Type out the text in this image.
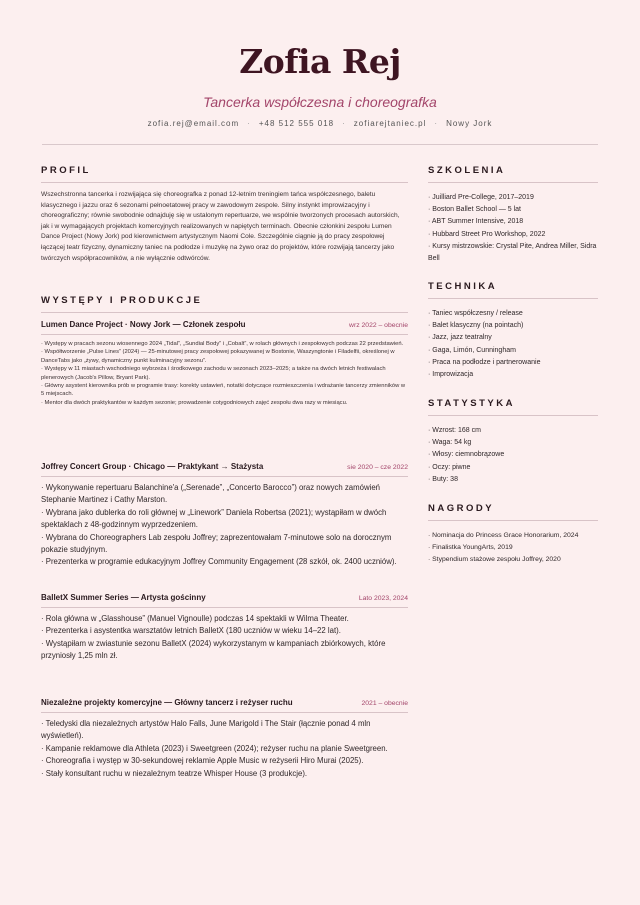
Zofia Rej
Tancerka współczesna i choreografka
zofia.rej@email.com · +48 512 555 018 · zofiarejtaniec.pl · Nowy Jork
PROFIL

Wszechstronna tancerka i rozwijająca się choreografka z ponad 12-letnim treningiem tańca współczesnego, baletu klasycznego i jazzu oraz 6 sezonami pełnoetatowej pracy w zawodowym zespole. Silny instynkt improwizacyjny i choreograficzny; równie swobodnie odnajduję się w ustalonym repertuarze, we wspólnie tworzonych procesach autorskich, jak i w wymagających projektach komercyjnych realizowanych w napiętych terminach. Obecnie członkini zespołu Lumen Dance Project (Nowy Jork) pod kierownictwem artystycznym Naomi Cole. Szczególnie ciągnie ją do pracy zespołowej łączącej teatr fizyczny, dynamiczny taniec na podłodze i muzykę na żywo oraz do projektów, które rozwijają tancerzy jako twórczych współpracowników, a nie wyłącznie odtwórców.

WYSTĘPY I PRODUKCJE
Lumen Dance Project · Nowy Jork — Członek zespołu	wrz 2022 – obecnie
· Występy w pracach sezonu wiosennego 2024 „Tidal”, „Sundial Body” i „Cobalt”, w rolach głównych i zespołowych podczas 22 przedstawień.
· Współtworzenie „Pulse Lines” (2024) — 25-minutowej pracy zespołowej pokazywanej w Bostonie, Waszyngtonie i Filadelfii, określonej w DanceTabs jako „żywy, dynamiczny punkt kulminacyjny sezonu”.
· Występy w 11 miastach wschodniego wybrzeża i środkowego zachodu w sezonach 2023–2025; a także na dwóch letnich festiwalach plenerowych (Jacob's Pillow, Bryant Park).
· Główny asystent kierownika prób w programie trasy: korekty ustawień, notatki dotyczące rozmieszczenia i wdrażanie tancerzy zmienników w 5 miejscach.
· Mentor dla dwóch praktykantów w każdym sezonie; prowadzenie cotygodniowych zajęć zespołu dwa razy w miesiącu.
Joffrey Concert Group · Chicago — Praktykant → Stażysta	sie 2020 – cze 2022
· Wykonywanie repertuaru Balanchine'a („Serenade”, „Concerto Barocco”) oraz nowych zamówień Stephanie Martinez i Cathy Marston.
· Wybrana jako dublerka do roli głównej w „Linework” Daniela Robertsa (2021); wystąpiłam w dwóch spektaklach z 48-godzinnym wyprzedzeniem.
· Wybrana do Choreographers Lab zespołu Joffrey; zaprezentowałam 7-minutowe solo na dorocznym pokazie studyjnym.
· Prezenterka w programie edukacyjnym Joffrey Community Engagement (28 szkół, ok. 2400 uczniów).
BalletX Summer Series — Artysta gościnny	Lato 2023, 2024
· Rola główna w „Glasshouse” (Manuel Vignoulle) podczas 14 spektakli w Wilma Theater.
· Prezenterka i asystentka warsztatów letnich BalletX (180 uczniów w wieku 14–22 lat).
· Wystąpiłam w zwiastunie sezonu BalletX (2024) wykorzystanym w kampaniach zbiórkowych, które przyniosły 1,25 mln zł.
Niezależne projekty komercyjne — Główny tancerz i reżyser ruchu	2021 – obecnie
· Teledyski dla niezależnych artystów Halo Falls, June Marigold i The Stair (łącznie ponad 4 mln wyświetleń).
· Kampanie reklamowe dla Athleta (2023) i Sweetgreen (2024); reżyser ruchu na planie Sweetgreen.
· Choreografia i występ w 30-sekundowej reklamie Apple Music w reżyserii Hiro Murai (2025).
· Stały konsultant ruchu w niezależnym teatrze Whisper House (3 produkcje).
SZKOLENIA
· Juilliard Pre-College, 2017–2019
· Boston Ballet School — 5 lat
· ABT Summer Intensive, 2018
· Hubbard Street Pro Workshop, 2022
· Kursy mistrzowskie: Crystal Pite, Andrea Miller, Sidra Bell
TECHNIKA
· Taniec współczesny / release
· Balet klasyczny (na pointach)
· Jazz, jazz teatralny
· Gaga, Limón, Cunningham
· Praca na podłodze i partnerowanie
· Improwizacja
STATYSTYKA
· Wzrost: 168 cm
· Waga: 54 kg
· Włosy: ciemnobrązowe
· Oczy: piwne
· Buty: 38
NAGRODY
· Nominacja do Princess Grace Honorarium, 2024
· Finalistka YoungArts, 2019
· Stypendium stażowe zespołu Joffrey, 2020
